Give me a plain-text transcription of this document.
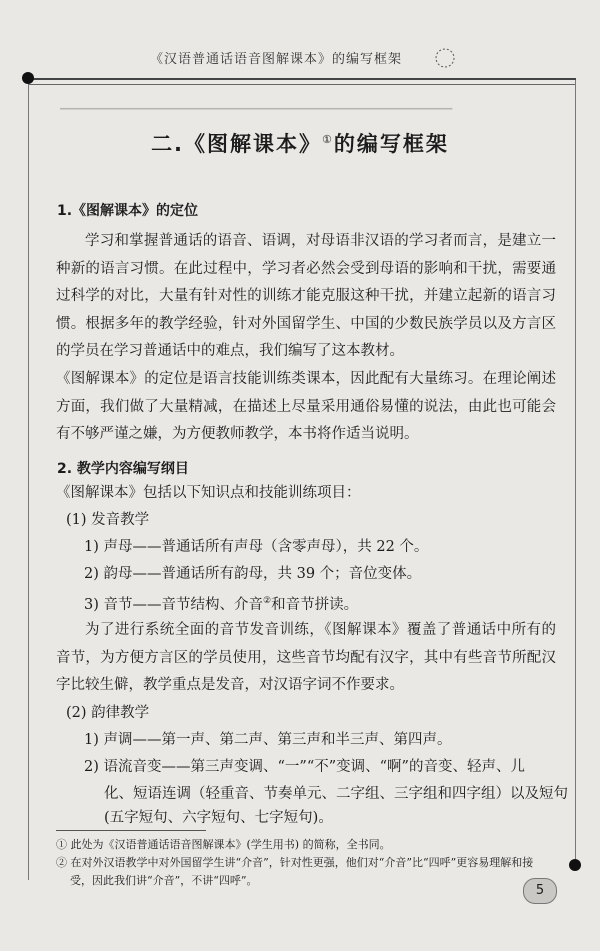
《汉语普通话语音图解课本》的编写框架
▁▁▁▁▁▁▁▁▁▁▁▁▁▁▁▁▁▁▁▁▁▁▁▁▁▁▁▁▁▁▁▁▁▁▁▁▁▁▁▁▁▁▁▁▁▁▁▁▁▁▁
二.《图解课本》①的编写框架
1.《图解课本》的定位
学习和掌握普通话的语音、语调，对母语非汉语的学习者而言，是建立一种新的语言习惯。在此过程中，学习者必然会受到母语的影响和干扰，需要通过科学的对比，大量有针对性的训练才能克服这种干扰，并建立起新的语言习惯。根据多年的教学经验，针对外国留学生、中国的少数民族学员以及方言区的学员在学习普通话中的难点，我们编写了这本教材。
《图解课本》的定位是语言技能训练类课本，因此配有大量练习。在理论阐述方面，我们做了大量精减，在描述上尽量采用通俗易懂的说法，由此也可能会有不够严谨之嫌，为方便教师教学，本书将作适当说明。
2. 教学内容编写纲目
《图解课本》包括以下知识点和技能训练项目：
(1) 发音教学
1) 声母——普通话所有声母（含零声母），共 22 个。
2) 韵母——普通话所有韵母，共 39 个；音位变体。
3) 音节——音节结构、介音②和音节拼读。
为了进行系统全面的音节发音训练，《图解课本》覆盖了普通话中所有的音节，为方便方言区的学员使用，这些音节均配有汉字，其中有些音节所配汉字比较生僻，教学重点是发音，对汉语字词不作要求。
(2) 韵律教学
1) 声调——第一声、第二声、第三声和半三声、第四声。
2) 语流音变——第三声变调、“一”“不”变调、“啊”的音变、轻声、儿
化、短语连调（轻重音、节奏单元、二字组、三字组和四字组）以及短句
(五字短句、六字短句、七字短句)。
① 此处为《汉语普通话语音图解课本》(学生用书) 的简称，全书同。
② 在对外汉语教学中对外国留学生讲“介音”，针对性更强，他们对“介音”比“四呼”更容易理解和接
受，因此我们讲“介音”，不讲“四呼”。
5
